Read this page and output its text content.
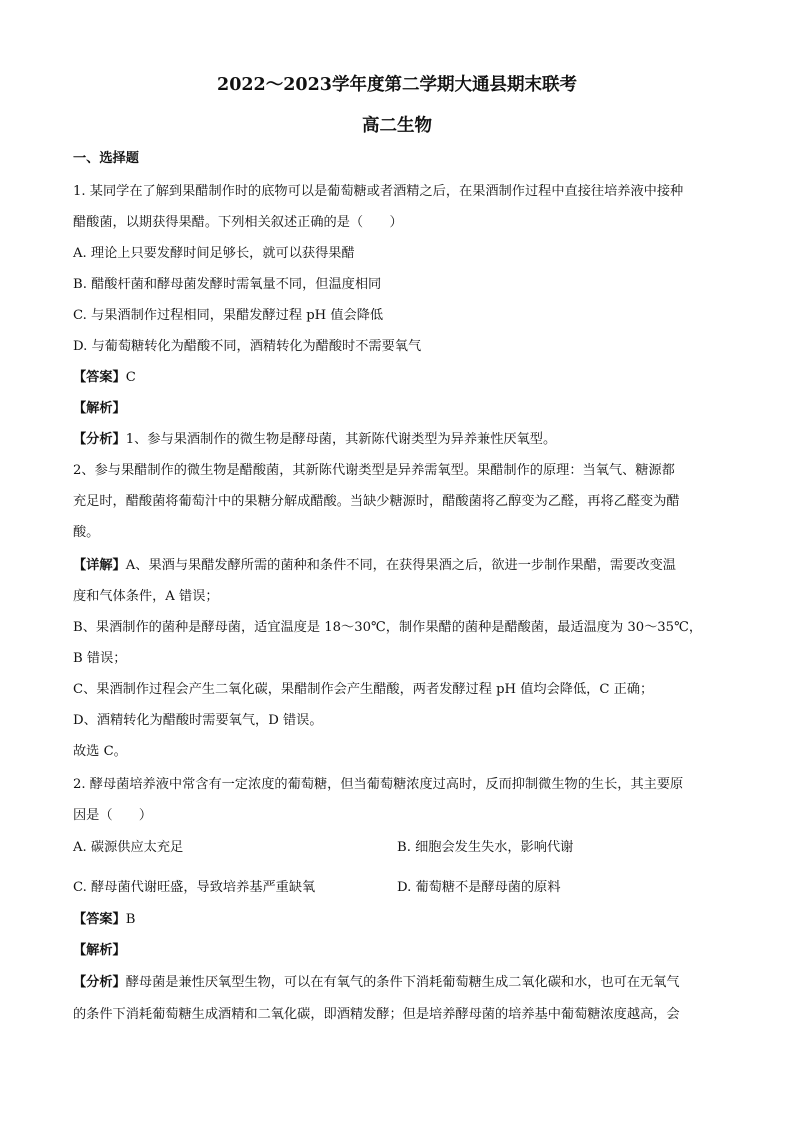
2022～2023学年度第二学期大通县期末联考
高二生物
一、选择题
1. 某同学在了解到果醋制作时的底物可以是葡萄糖或者酒精之后，在果酒制作过程中直接往培养液中接种
醋酸菌，以期获得果醋。下列相关叙述正确的是（　　）
A. 理论上只要发酵时间足够长，就可以获得果醋
B. 醋酸杆菌和酵母菌发酵时需氧量不同，但温度相同
C. 与果酒制作过程相同，果醋发酵过程 pH 值会降低
D. 与葡萄糖转化为醋酸不同，酒精转化为醋酸时不需要氧气
【答案】C
【解析】
【分析】1、参与果酒制作的微生物是酵母菌，其新陈代谢类型为异养兼性厌氧型。
2、参与果醋制作的微生物是醋酸菌，其新陈代谢类型是异养需氧型。果醋制作的原理：当氧气、糖源都
充足时，醋酸菌将葡萄汁中的果糖分解成醋酸。当缺少糖源时，醋酸菌将乙醇变为乙醛，再将乙醛变为醋
酸。
【详解】A、果酒与果醋发酵所需的菌种和条件不同，在获得果酒之后，欲进一步制作果醋，需要改变温
度和气体条件，A 错误；
B、果酒制作的菌种是酵母菌，适宜温度是 18～30℃，制作果醋的菌种是醋酸菌，最适温度为 30～35℃，
B 错误；
C、果酒制作过程会产生二氧化碳，果醋制作会产生醋酸，两者发酵过程 pH 值均会降低，C 正确；
D、酒精转化为醋酸时需要氧气，D 错误。
故选 C。
2. 酵母菌培养液中常含有一定浓度的葡萄糖，但当葡萄糖浓度过高时，反而抑制微生物的生长，其主要原
因是（　　）
A. 碳源供应太充足	B. 细胞会发生失水，影响代谢
C. 酵母菌代谢旺盛，导致培养基严重缺氧	D. 葡萄糖不是酵母菌的原料
【答案】B
【解析】
【分析】酵母菌是兼性厌氧型生物，可以在有氧气的条件下消耗葡萄糖生成二氧化碳和水，也可在无氧气
的条件下消耗葡萄糖生成酒精和二氧化碳，即酒精发酵；但是培养酵母菌的培养基中葡萄糖浓度越高，会
